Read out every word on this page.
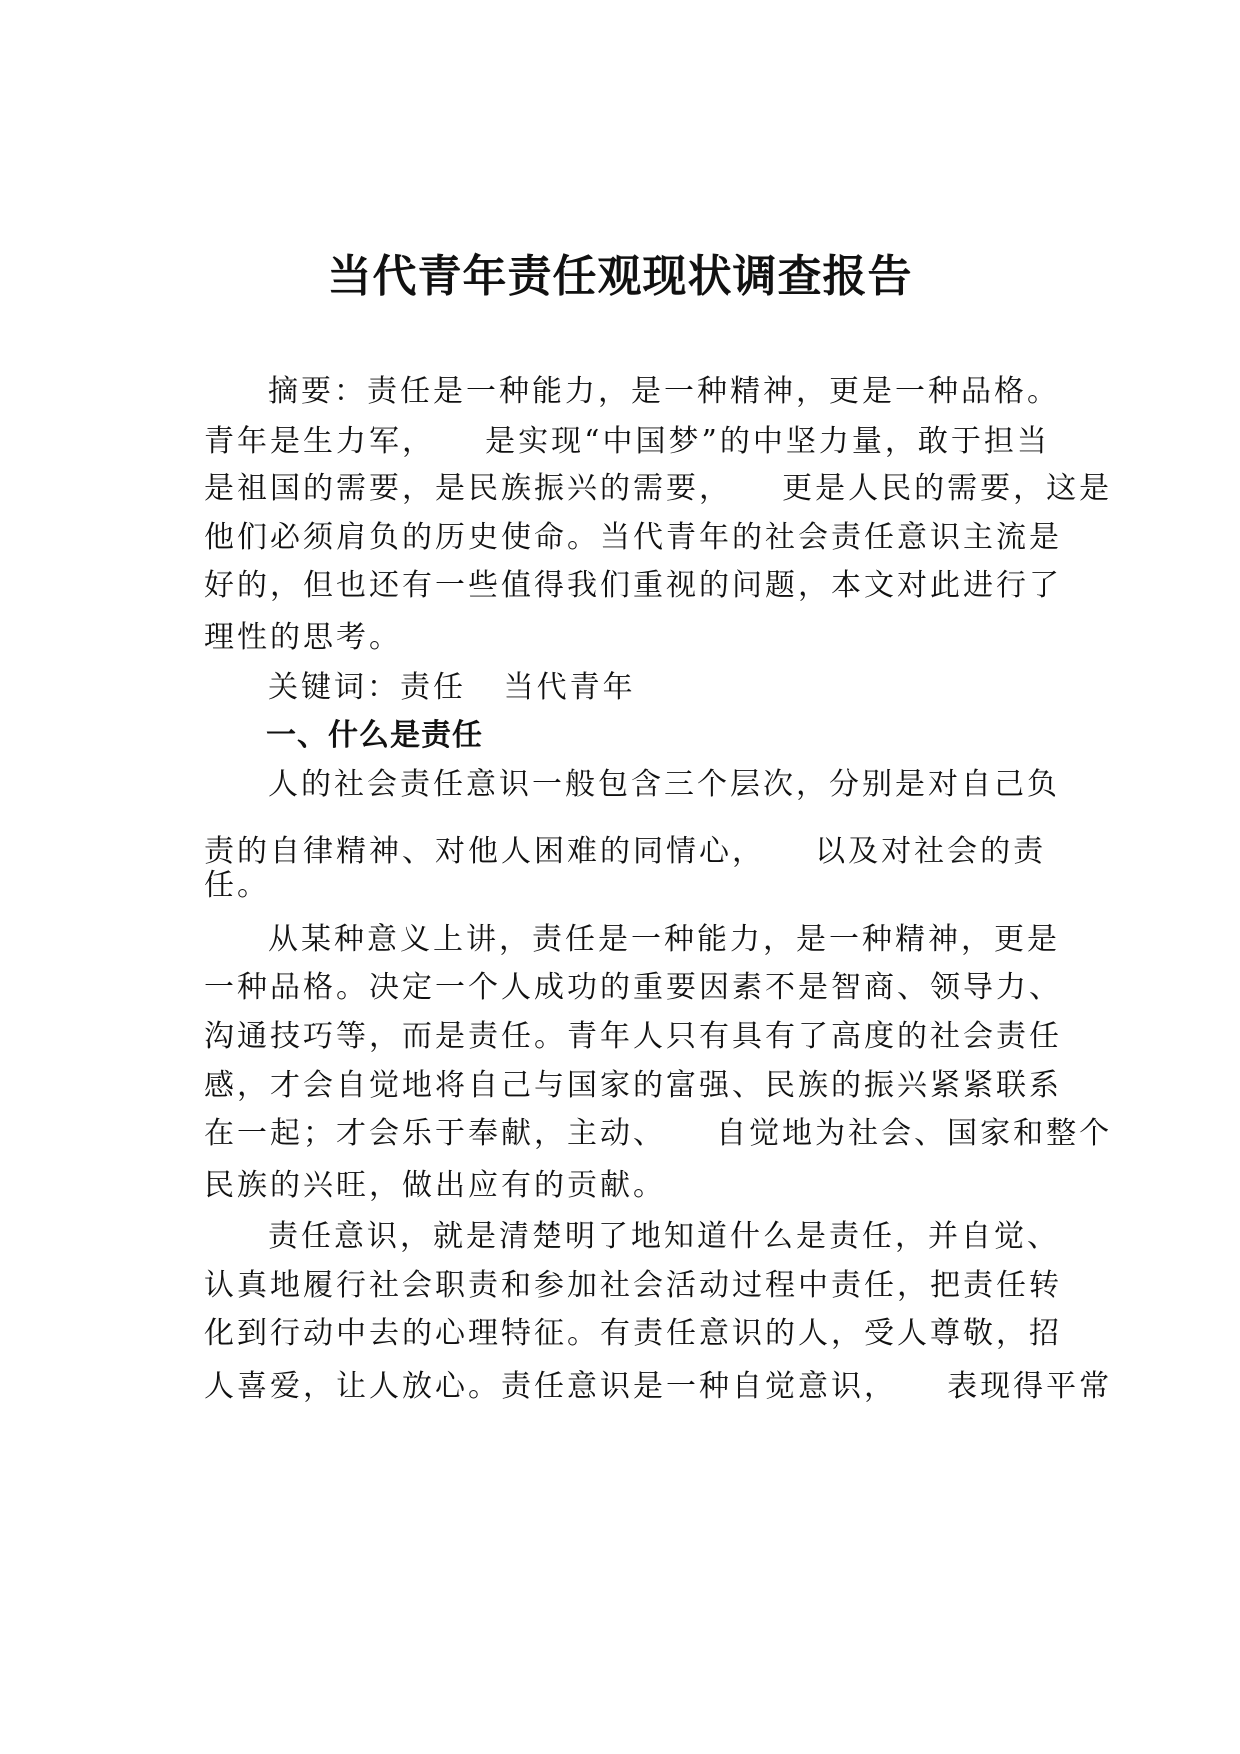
当代青年责任观现状调查报告
摘要：责任是一种能力，是一种精神，更是一种品格。
青年是生力军，    是实现“中国梦”的中坚力量，敢于担当
是祖国的需要，是民族振兴的需要，    更是人民的需要，这是
他们必须肩负的历史使命。当代青年的社会责任意识主流是
好的，但也还有一些值得我们重视的问题，本文对此进行了
理性的思考。
关键词：责任   当代青年
一、什么是责任
人的社会责任意识一般包含三个层次，分别是对自己负
责的自律精神、对他人困难的同情心，    以及对社会的责
任。
从某种意义上讲，责任是一种能力，是一种精神，更是
一种品格。决定一个人成功的重要因素不是智商、领导力、
沟通技巧等，而是责任。青年人只有具有了高度的社会责任
感，才会自觉地将自己与国家的富强、民族的振兴紧紧联系
在一起；才会乐于奉献，主动、    自觉地为社会、国家和整个
民族的兴旺，做出应有的贡献。
责任意识，就是清楚明了地知道什么是责任，并自觉、
认真地履行社会职责和参加社会活动过程中责任，把责任转
化到行动中去的心理特征。有责任意识的人，受人尊敬，招
人喜爱，让人放心。责任意识是一种自觉意识，    表现得平常
